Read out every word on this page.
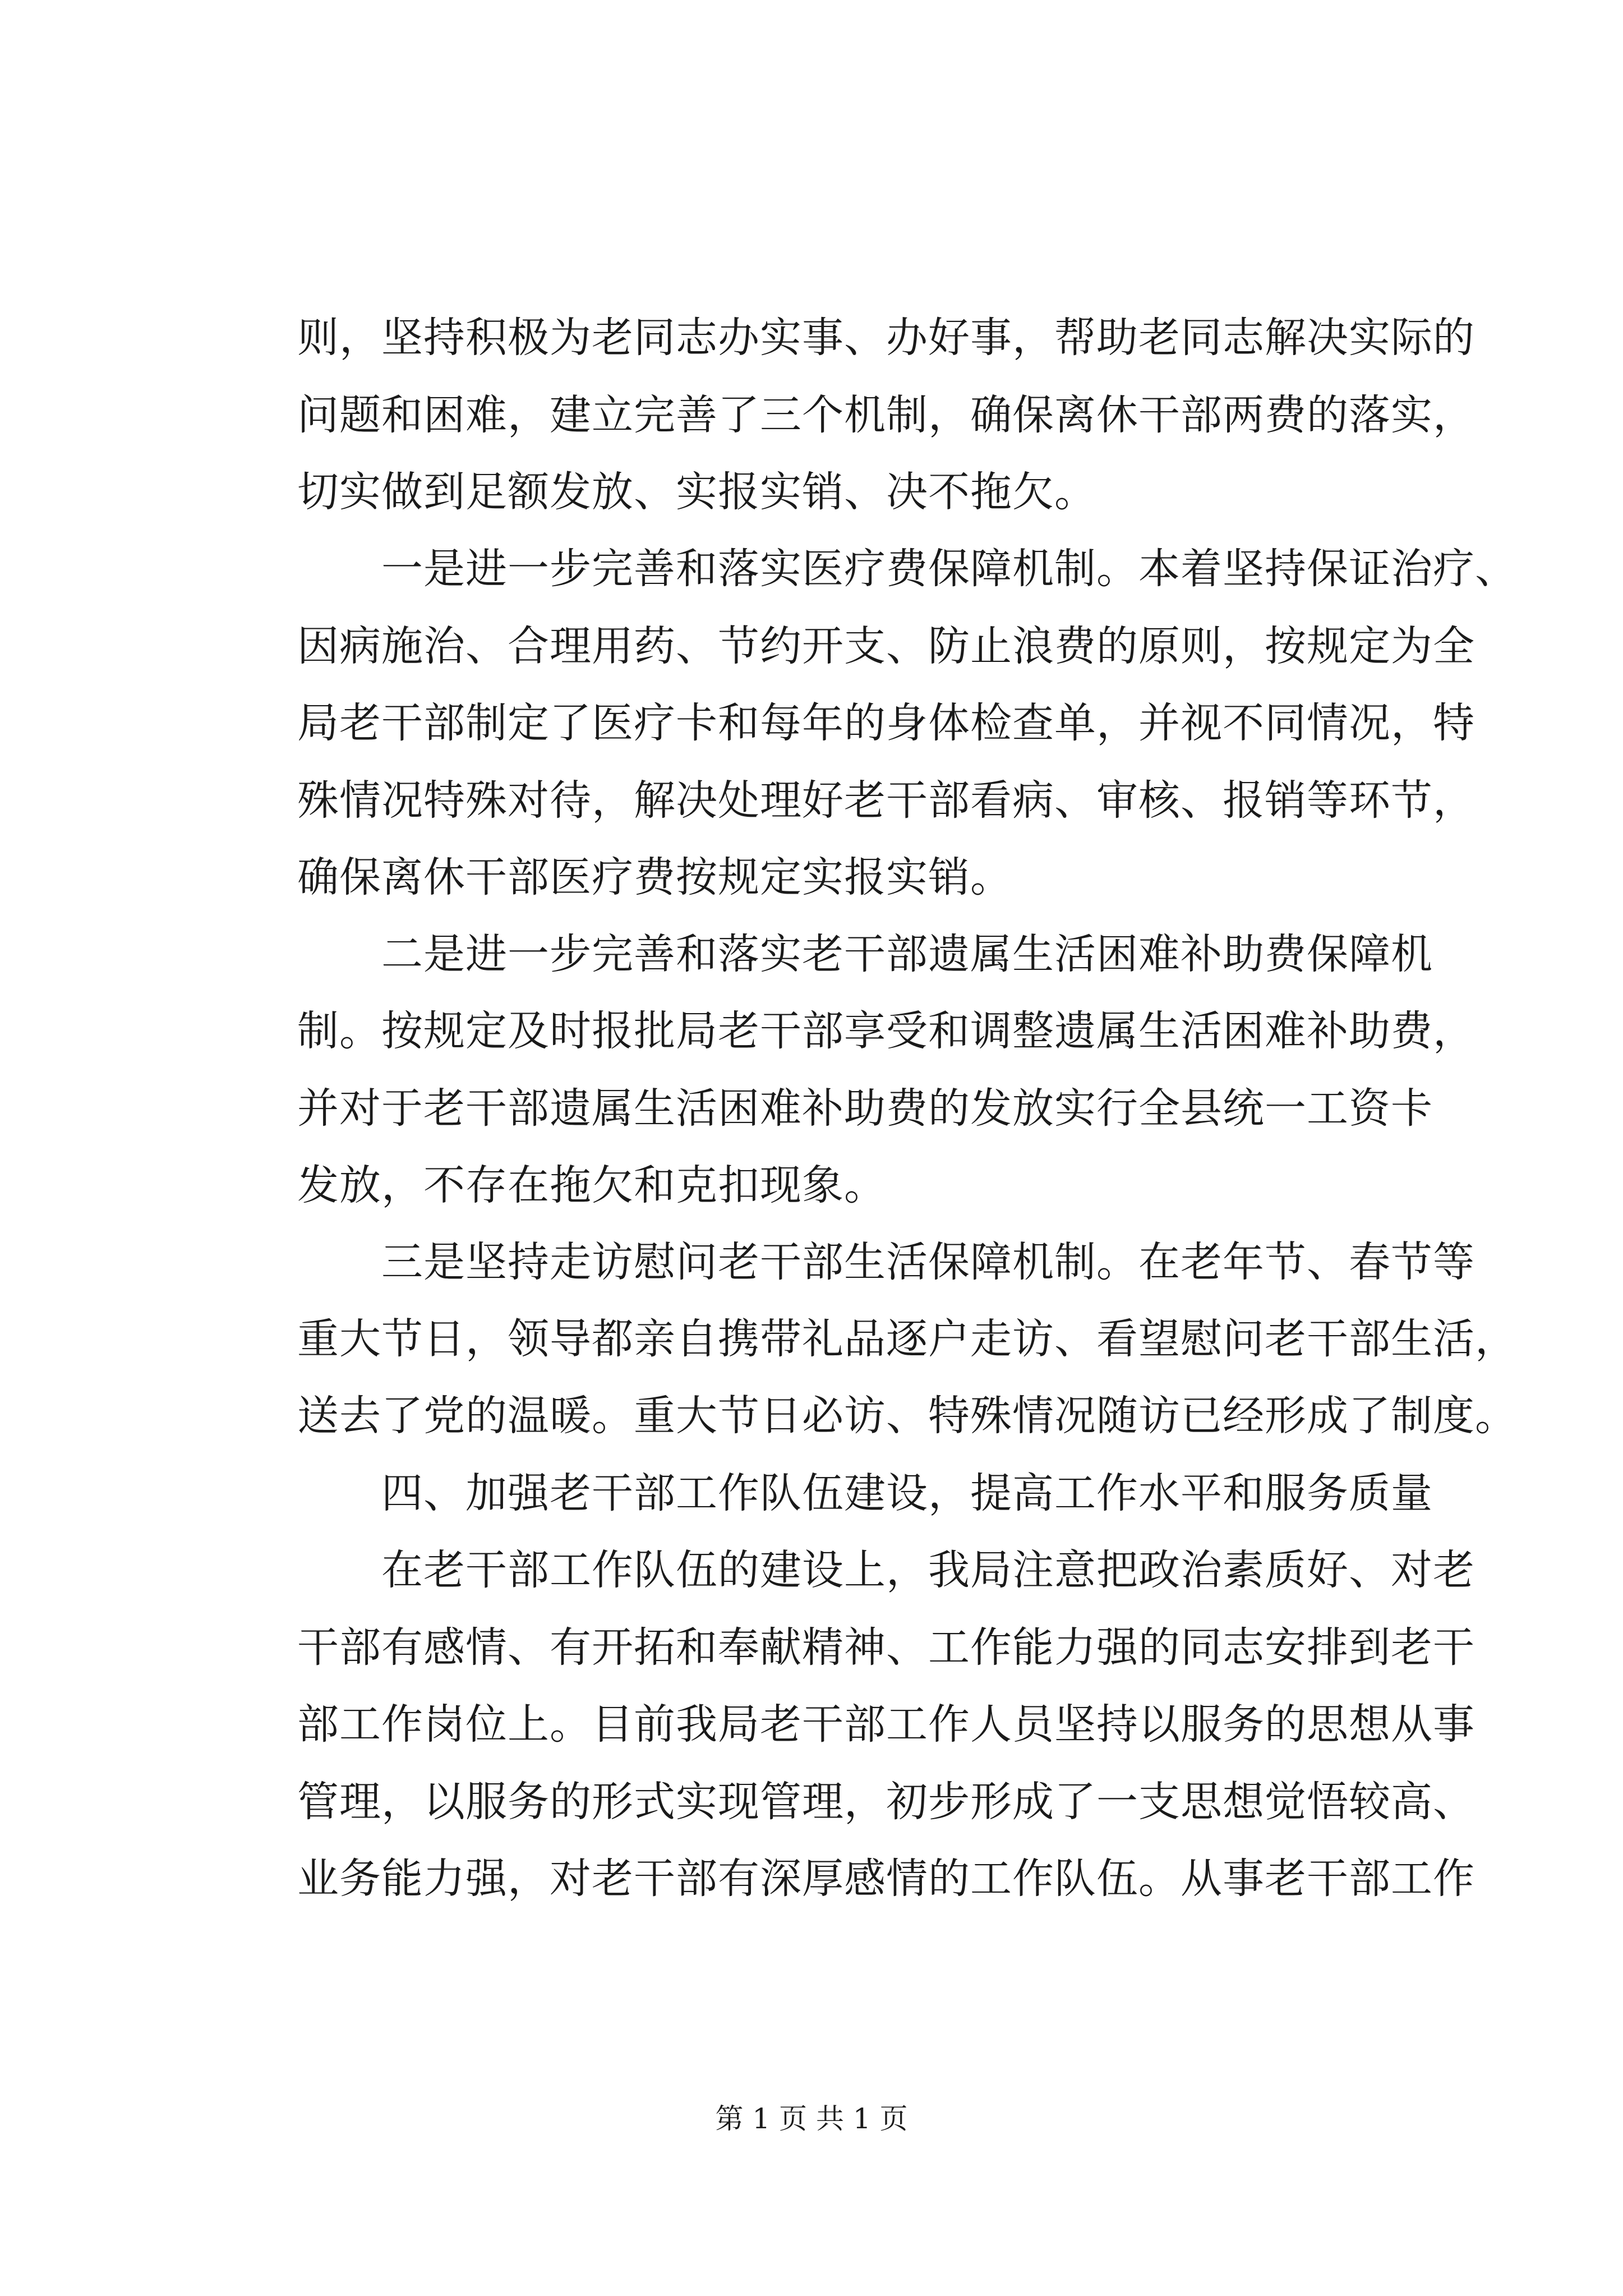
则，坚持积极为老同志办实事、办好事，帮助老同志解决实际的
问题和困难，建立完善了三个机制，确保离休干部两费的落实，
切实做到足额发放、实报实销、决不拖欠。
　　一是进一步完善和落实医疗费保障机制。本着坚持保证治疗、
因病施治、合理用药、节约开支、防止浪费的原则，按规定为全
局老干部制定了医疗卡和每年的身体检查单，并视不同情况，特
殊情况特殊对待，解决处理好老干部看病、审核、报销等环节，
确保离休干部医疗费按规定实报实销。
　　二是进一步完善和落实老干部遗属生活困难补助费保障机
制。按规定及时报批局老干部享受和调整遗属生活困难补助费，
并对于老干部遗属生活困难补助费的发放实行全县统一工资卡
发放，不存在拖欠和克扣现象。
　　三是坚持走访慰问老干部生活保障机制。在老年节、春节等
重大节日，领导都亲自携带礼品逐户走访、看望慰问老干部生活，
送去了党的温暖。重大节日必访、特殊情况随访已经形成了制度。
　　四、加强老干部工作队伍建设，提高工作水平和服务质量
　　在老干部工作队伍的建设上，我局注意把政治素质好、对老
干部有感情、有开拓和奉献精神、工作能力强的同志安排到老干
部工作岗位上。目前我局老干部工作人员坚持以服务的思想从事
管理，以服务的形式实现管理，初步形成了一支思想觉悟较高、
业务能力强，对老干部有深厚感情的工作队伍。从事老干部工作
第 1 页 共 1 页
